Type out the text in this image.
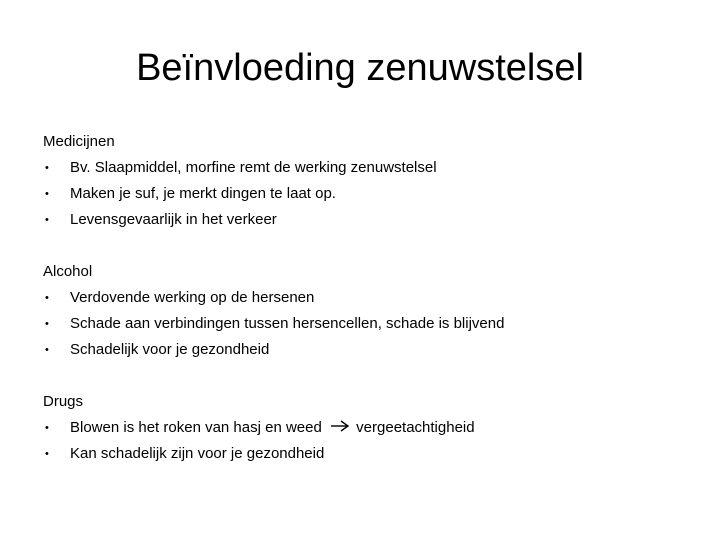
Beïnvloeding zenuwstelsel
Medicijnen
• Bv. Slaapmiddel, morfine remt de werking zenuwstelsel
• Maken je suf, je merkt dingen te laat op.
• Levensgevaarlijk in het verkeer
Alcohol
• Verdovende werking op de hersenen
• Schade aan verbindingen tussen hersencellen, schade is blijvend
• Schadelijk voor je gezondheid
Drugs
• Blowen is het roken van hasj en weed vergeetachtigheid
• Kan schadelijk zijn voor je gezondheid
